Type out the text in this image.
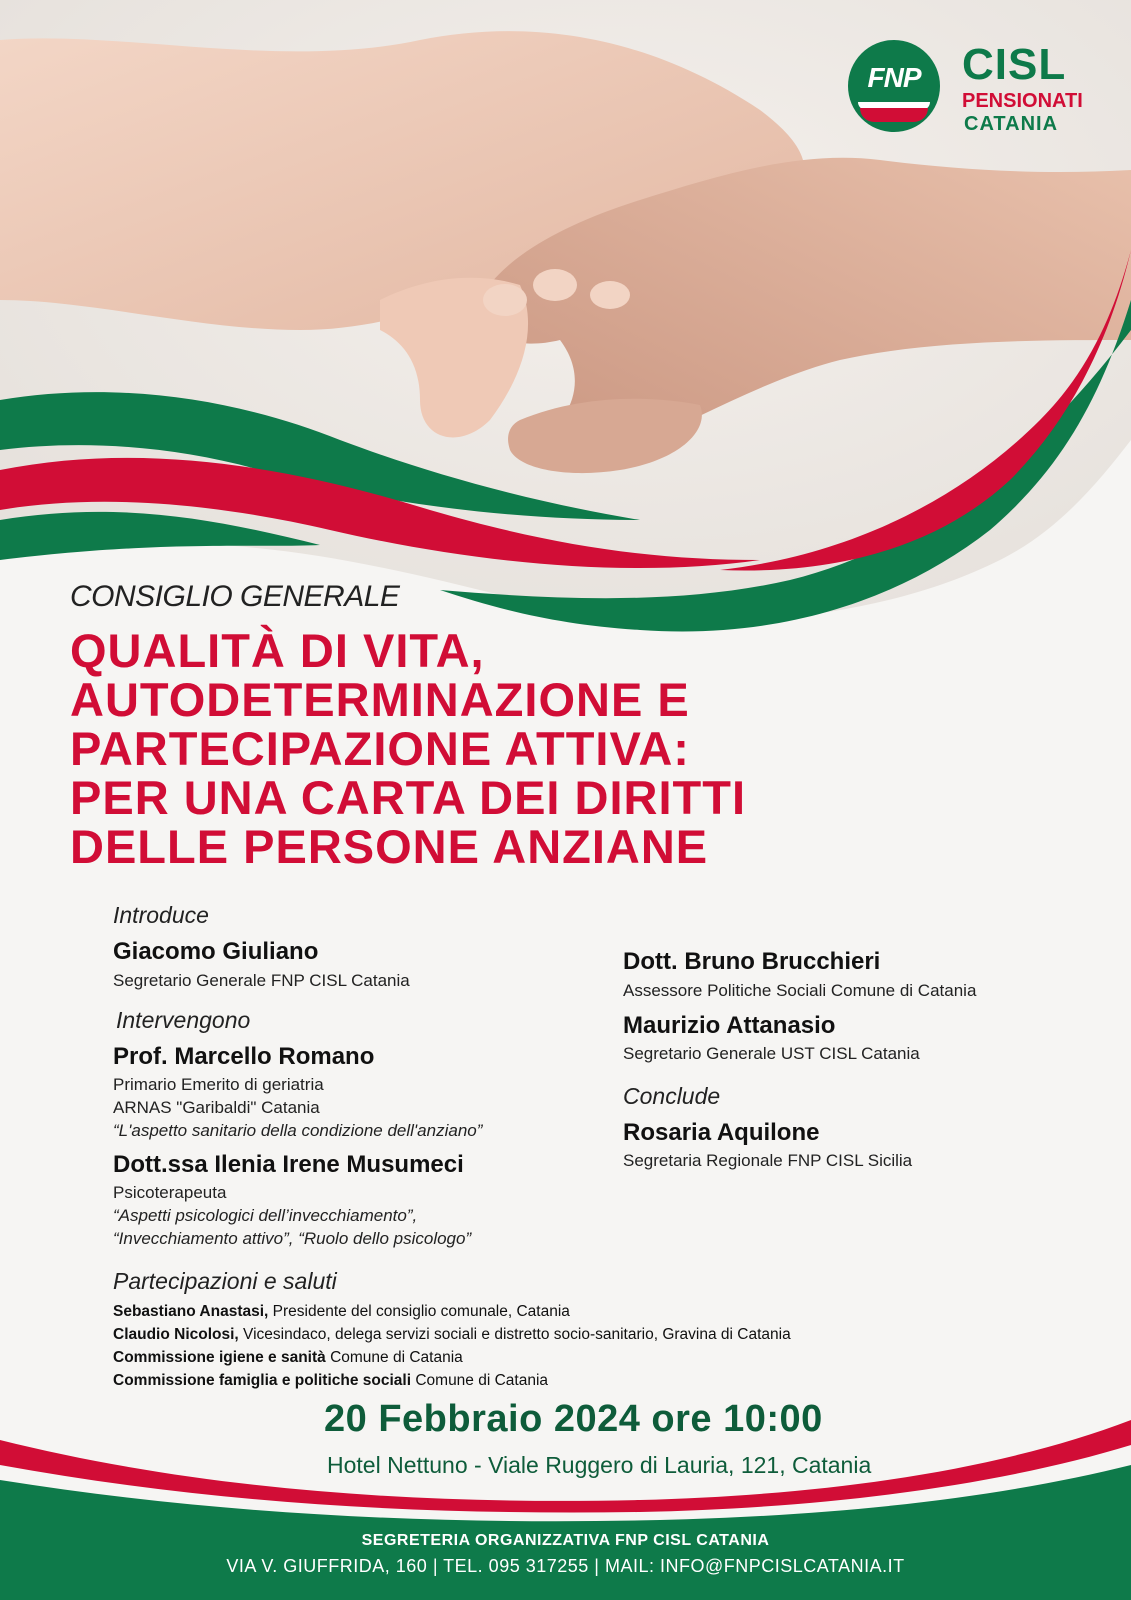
FNP CISL
PENSIONATI
CATANIA
CONSIGLIO GENERALE
QUALITÀ DI VITA,
AUTODETERMINAZIONE E
PARTECIPAZIONE ATTIVA:
PER UNA CARTA DEI DIRITTI
DELLE PERSONE ANZIANE
Introduce
Giacomo Giuliano
Segretario Generale FNP CISL Catania
Intervengono
Prof. Marcello Romano
Primario Emerito di geriatria
ARNAS "Garibaldi" Catania
“L'aspetto sanitario della condizione dell'anziano”
Dott.ssa Ilenia Irene Musumeci
Psicoterapeuta
“Aspetti psicologici dell’invecchiamento”,
“Invecchiamento attivo”, “Ruolo dello psicologo”
Dott. Bruno Brucchieri
Assessore Politiche Sociali Comune di Catania
Maurizio Attanasio
Segretario Generale UST CISL Catania
Conclude
Rosaria Aquilone
Segretaria Regionale FNP CISL Sicilia
Partecipazioni e saluti
Sebastiano Anastasi, Presidente del consiglio comunale, Catania
Claudio Nicolosi, Vicesindaco, delega servizi sociali e distretto socio-sanitario, Gravina di Catania
Commissione igiene e sanità Comune di Catania
Commissione famiglia e politiche sociali Comune di Catania
20 Febbraio 2024 ore 10:00
Hotel Nettuno - Viale Ruggero di Lauria, 121, Catania
SEGRETERIA ORGANIZZATIVA FNP CISL CATANIA
VIA V. GIUFFRIDA, 160 | TEL. 095 317255 | MAIL: INFO@FNPCISLCATANIA.IT
